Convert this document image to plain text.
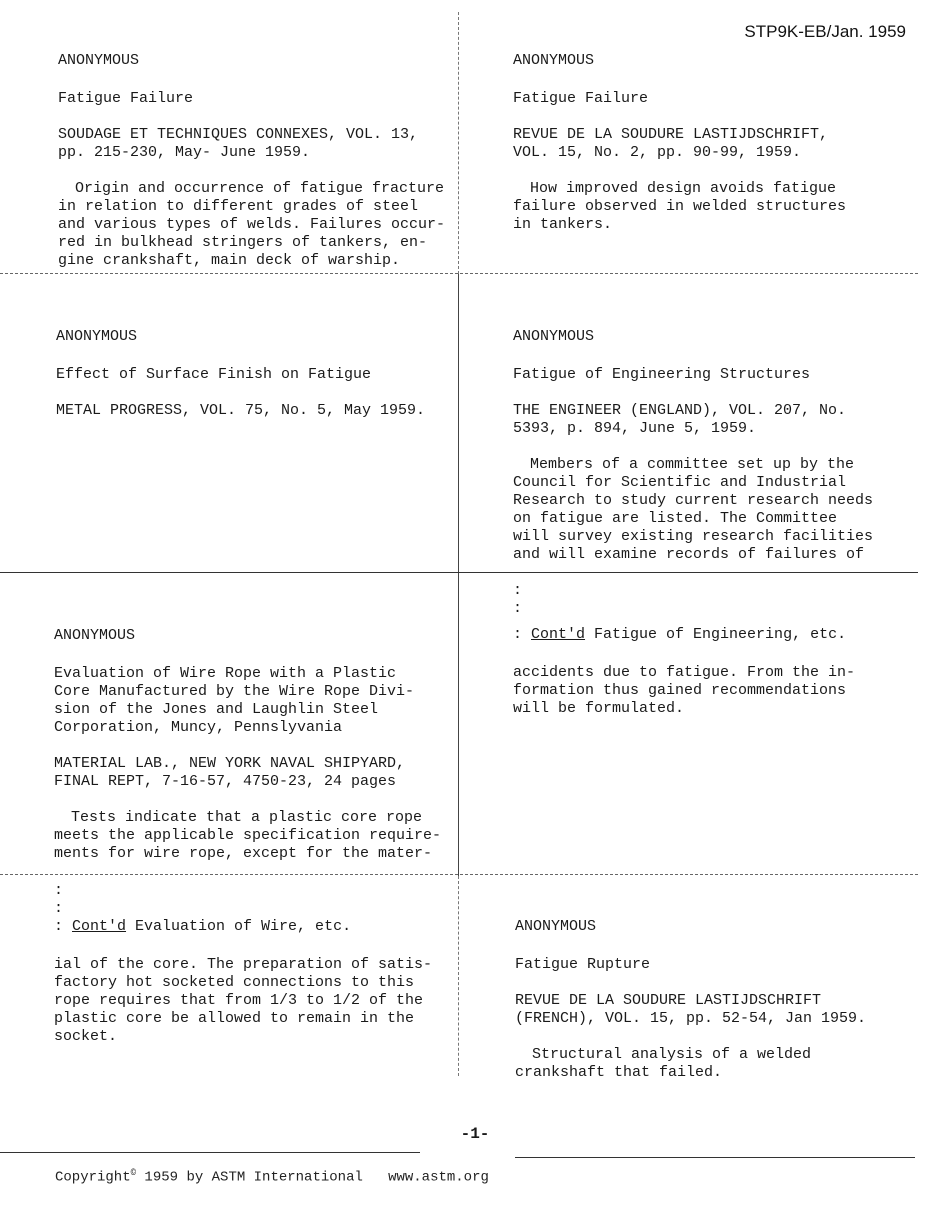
STP9K-EB/Jan. 1959

ANONYMOUS

Fatigue Failure

SOUDAGE ET TECHNIQUES CONNEXES, VOL. 13,
pp. 215-230, May- June 1959.

Origin and occurrence of fatigue fracture
in relation to different grades of steel
and various types of welds. Failures occur-
red in bulkhead stringers of tankers, en-
gine crankshaft, main deck of warship.

ANONYMOUS

Fatigue Failure

REVUE DE LA SOUDURE LASTIJDSCHRIFT,
VOL. 15, No. 2, pp. 90-99, 1959.

How improved design avoids fatigue
failure observed in welded structures
in tankers.

ANONYMOUS

Effect of Surface Finish on Fatigue

METAL PROGRESS, VOL. 75, No. 5, May 1959.

ANONYMOUS

Fatigue of Engineering Structures

THE ENGINEER (ENGLAND), VOL. 207, No.
5393, p. 894, June 5, 1959.

Members of a committee set up by the
Council for Scientific and Industrial
Research to study current research needs
on fatigue are listed. The Committee
will survey existing research facilities
and will examine records of failures of

ANONYMOUS

Evaluation of Wire Rope with a Plastic
Core Manufactured by the Wire Rope Divi-
sion of the Jones and Laughlin Steel
Corporation, Muncy, Pennslyvania

MATERIAL LAB., NEW YORK NAVAL SHIPYARD,
FINAL REPT, 7-16-57, 4750-23, 24 pages

Tests indicate that a plastic core rope
meets the applicable specification require-
ments for wire rope, except for the mater-

:
:

: Cont'd Fatigue of Engineering, etc.

accidents due to fatigue. From the in-
formation thus gained recommendations
will be formulated.

:
:

: Cont'd Evaluation of Wire, etc.

ial of the core. The preparation of satis-
factory hot socketed connections to this
rope requires that from 1/3 to 1/2 of the
plastic core be allowed to remain in the
socket.

ANONYMOUS

Fatigue Rupture

REVUE DE LA SOUDURE LASTIJDSCHRIFT
(FRENCH), VOL. 15, pp. 52-54, Jan 1959.

Structural analysis of a welded
crankshaft that failed.

-1-
Copyright© 1959 by ASTM International   www.astm.org
